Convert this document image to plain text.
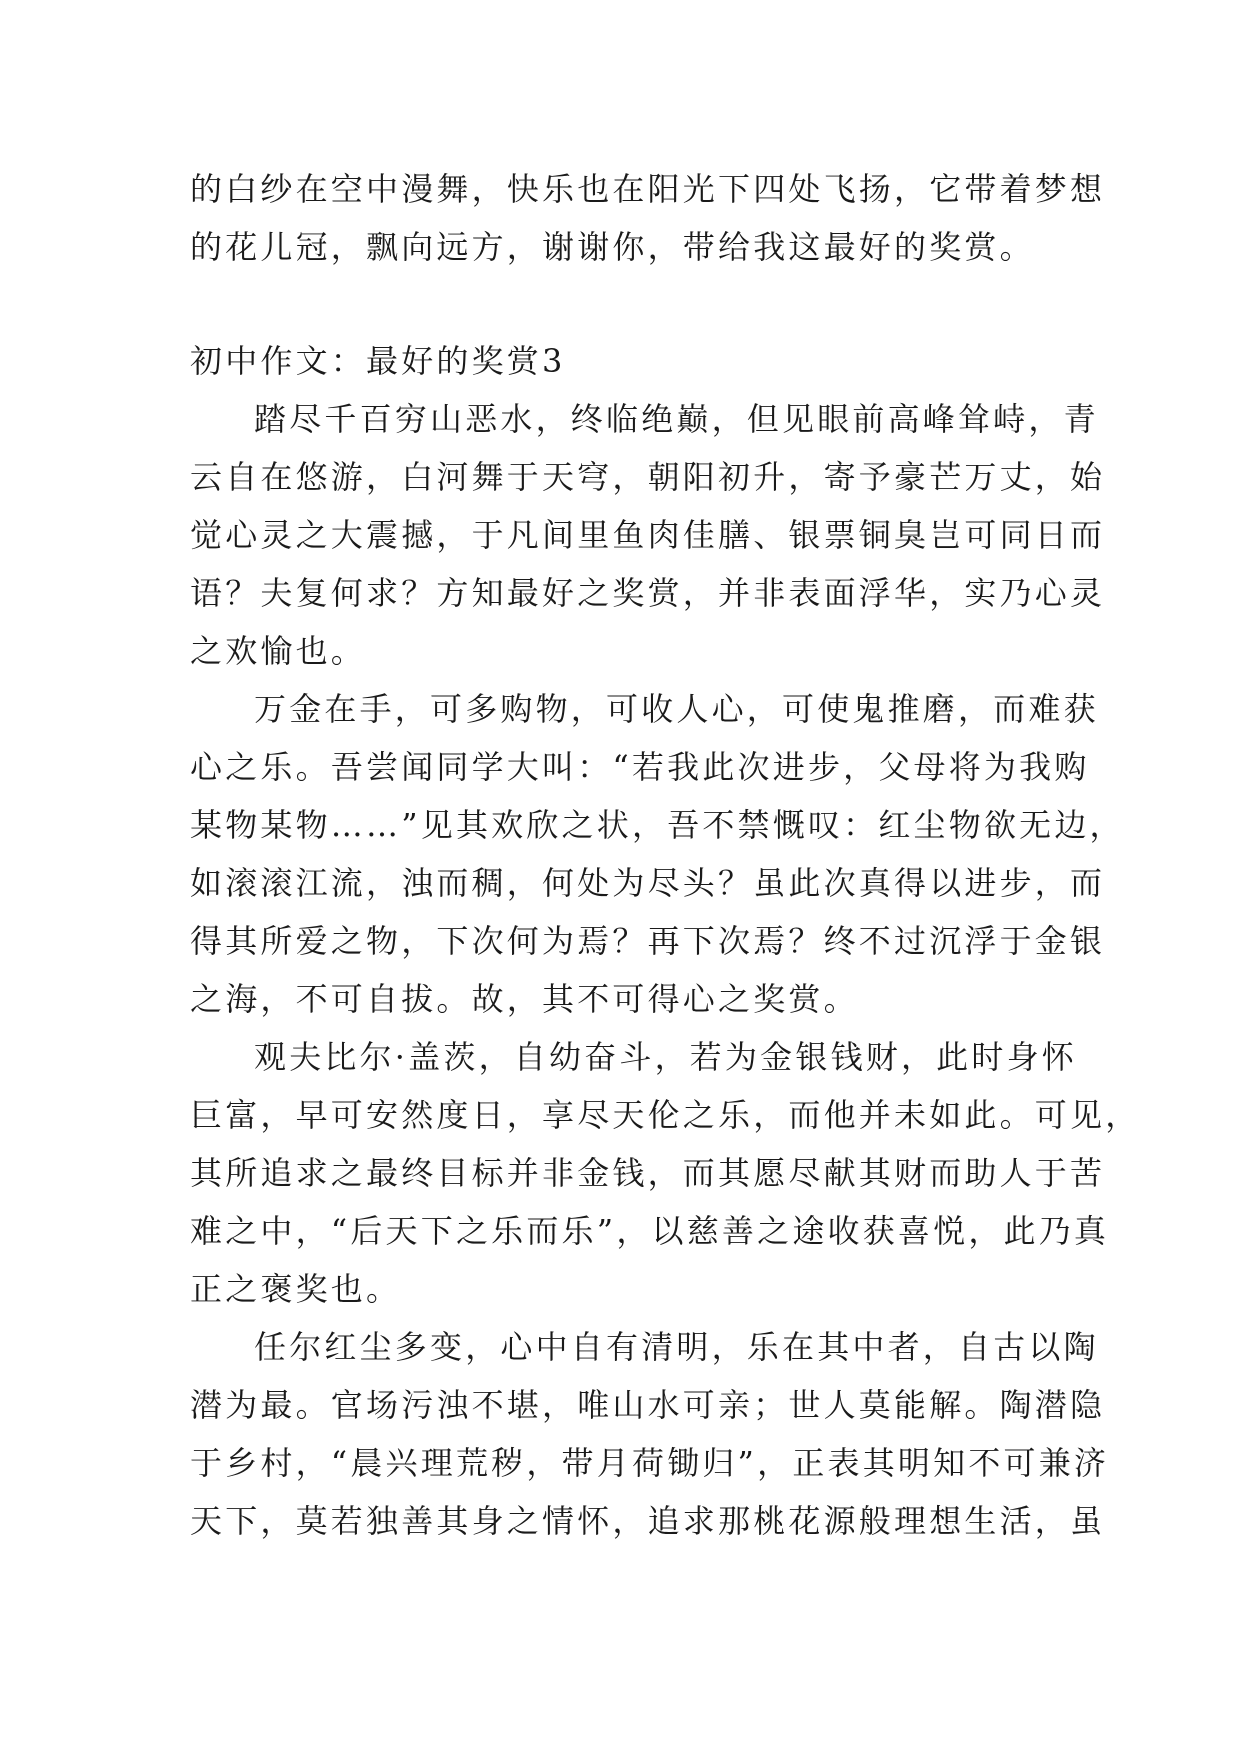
的白纱在空中漫舞，快乐也在阳光下四处飞扬，它带着梦想
的花儿冠，飘向远方，谢谢你，带给我这最好的奖赏。
初中作文：最好的奖赏3
踏尽千百穷山恶水，终临绝巅，但见眼前高峰耸峙，青
云自在悠游，白河舞于天穹，朝阳初升，寄予豪芒万丈，始
觉心灵之大震撼，于凡间里鱼肉佳膳、银票铜臭岂可同日而
语？夫复何求？方知最好之奖赏，并非表面浮华，实乃心灵
之欢愉也。
万金在手，可多购物，可收人心，可使鬼推磨，而难获
心之乐。吾尝闻同学大叫：“若我此次进步，父母将为我购
某物某物……”见其欢欣之状，吾不禁慨叹：红尘物欲无边，
如滚滚江流，浊而稠，何处为尽头？虽此次真得以进步，而
得其所爱之物，下次何为焉？再下次焉？终不过沉浮于金银
之海，不可自拔。故，其不可得心之奖赏。
观夫比尔·盖茨，自幼奋斗，若为金银钱财，此时身怀
巨富，早可安然度日，享尽天伦之乐，而他并未如此。可见，
其所追求之最终目标并非金钱，而其愿尽献其财而助人于苦
难之中，“后天下之乐而乐”，以慈善之途收获喜悦，此乃真
正之褒奖也。
任尔红尘多变，心中自有清明，乐在其中者，自古以陶
潜为最。官场污浊不堪，唯山水可亲；世人莫能解。陶潜隐
于乡村，“晨兴理荒秽，带月荷锄归”，正表其明知不可兼济
天下，莫若独善其身之情怀，追求那桃花源般理想生活，虽
